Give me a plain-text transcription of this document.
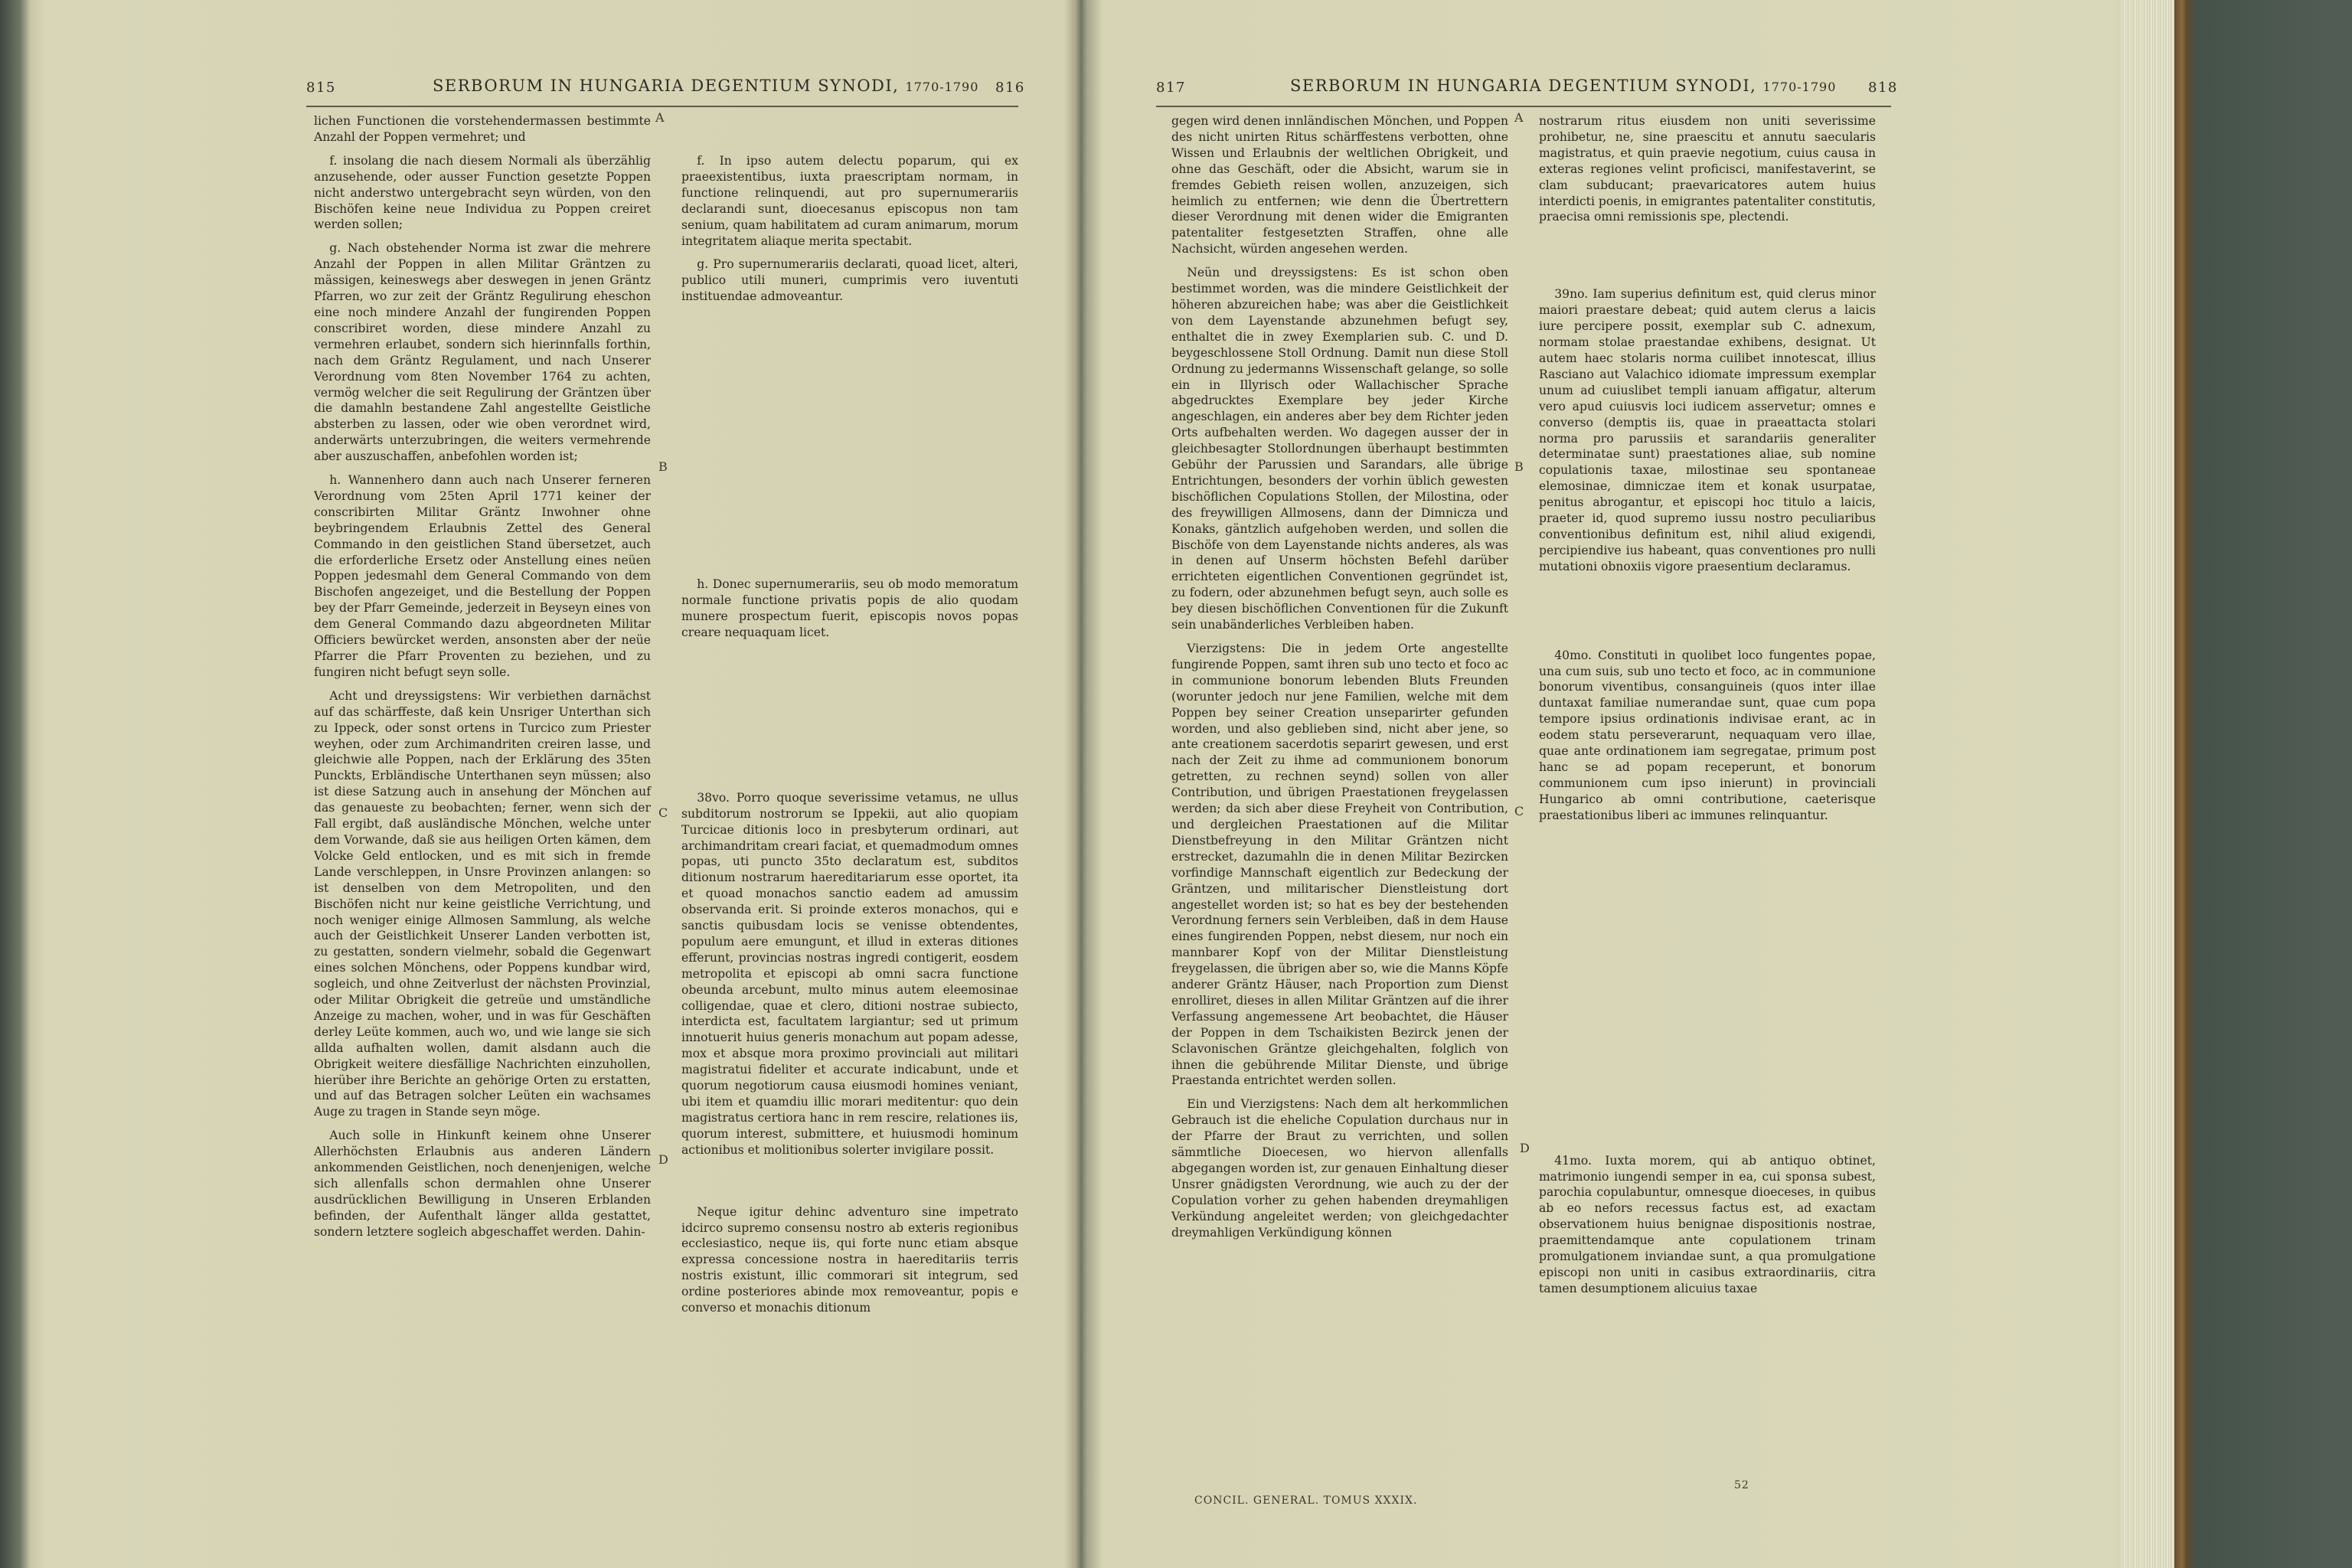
815	SERBORUM IN HUNGARIA DEGENTIUM SYNODI, 1770-1790 816

lichen Functionen die vorstehendermassen bestimmte Anzahl der Poppen vermehret; und

f. insolang die nach diesem Normali als überzählig anzusehende, oder ausser Function gesetzte Poppen nicht anderstwo untergebracht seyn würden, von den Bischöfen keine neue Individua zu Poppen creiret werden sollen;

g. Nach obstehender Norma ist zwar die mehrere Anzahl der Poppen in allen Militar Gräntzen zu mässigen, keineswegs aber deswegen in jenen Gräntz Pfarren, wo zur zeit der Gräntz Regulirung eheschon eine noch mindere Anzahl der fungirenden Poppen conscribiret worden, diese mindere Anzahl zu vermehren erlaubet, sondern sich hierinnfalls forthin, nach dem Gräntz Regulament, und nach Unserer Verordnung vom 8ten November 1764 zu achten, vermög welcher die seit Regulirung der Gräntzen über die damahln bestandene Zahl angestellte Geistliche absterben zu lassen, oder wie oben verordnet wird, anderwärts unterzubringen, die weiters vermehrende aber auszuschaffen, anbefohlen worden ist;

h. Wannenhero dann auch nach Unserer ferneren Verordnung vom 25ten April 1771 keiner der conscribirten Militar Gräntz Inwohner ohne beybringendem Erlaubnis Zettel des General Commando in den geistlichen Stand übersetzet, auch die erforderliche Ersetz oder Anstellung eines neüen Poppen jedesmahl dem General Commando von dem Bischofen angezeiget, und die Bestellung der Poppen bey der Pfarr Gemeinde, jederzeit in Beyseyn eines von dem General Commando dazu abgeordneten Militar Officiers bewürcket werden, ansonsten aber der neüe Pfarrer die Pfarr Proventen zu beziehen, und zu fungiren nicht befugt seyn solle.

Acht und dreyssigstens: Wir verbiethen darnächst auf das schärffeste, daß kein Unsriger Unterthan sich zu Ippeck, oder sonst ortens in Turcico zum Priester weyhen, oder zum Archimandriten creiren lasse, und gleichwie alle Poppen, nach der Erklärung des 35ten Punckts, Erbländische Unterthanen seyn müssen; also ist diese Satzung auch in ansehung der Mönchen auf das genaueste zu beobachten; ferner, wenn sich der Fall ergibt, daß ausländische Mönchen, welche unter dem Vorwande, daß sie aus heiligen Orten kämen, dem Volcke Geld entlocken, und es mit sich in fremde Lande verschleppen, in Unsre Provinzen anlangen: so ist denselben von dem Metropoliten, und den Bischöfen nicht nur keine geistliche Verrichtung, und noch weniger einige Allmosen Sammlung, als welche auch der Geistlichkeit Unserer Landen verbotten ist, zu gestatten, sondern vielmehr, sobald die Gegenwart eines solchen Mönchens, oder Poppens kundbar wird, sogleich, und ohne Zeitverlust der nächsten Provinzial, oder Militar Obrigkeit die getreüe und umständliche Anzeige zu machen, woher, und in was für Geschäften derley Leüte kommen, auch wo, und wie lange sie sich allda aufhalten wollen, damit alsdann auch die Obrigkeit weitere diesfällige Nachrichten einzuhollen, hierüber ihre Berichte an gehörige Orten zu erstatten, und auf das Betragen solcher Leüten ein wachsames Auge zu tragen in Stande seyn möge.

Auch solle in Hinkunft keinem ohne Unserer Allerhöchsten Erlaubnis aus anderen Ländern ankommenden Geistlichen, noch denenjenigen, welche sich allenfalls schon dermahlen ohne Unserer ausdrücklichen Bewilligung in Unseren Erblanden befinden, der Aufenthalt länger allda gestattet, sondern letztere sogleich abgeschaffet werden. Dahin-

f. In ipso autem delectu poparum, qui ex praeexistentibus, iuxta praescriptam normam, in functione relinquendi, aut pro supernumerariis declarandi sunt, dioecesanus episcopus non tam senium, quam habilitatem ad curam animarum, morum integritatem aliaque merita spectabit.

g. Pro supernumerariis declarati, quoad licet, alteri, publico utili muneri, cumprimis vero iuventuti instituendae admoveantur.

h. Donec supernumerariis, seu ob modo memoratum normale functione privatis popis de alio quodam munere prospectum fuerit, episcopis novos popas creare nequaquam licet.

38vo. Porro quoque severissime vetamus, ne ullus subditorum nostrorum se Ippekii, aut alio quopiam Turcicae ditionis loco in presbyterum ordinari, aut archimandritam creari faciat, et quemadmodum omnes popas, uti puncto 35to declaratum est, subditos ditionum nostrarum haereditariarum esse oportet, ita et quoad monachos sanctio eadem ad amussim observanda erit. Si proinde exteros monachos, qui e sanctis quibusdam locis se venisse obtendentes, populum aere emungunt, et illud in exteras ditiones efferunt, provincias nostras ingredi contigerit, eosdem metropolita et episcopi ab omni sacra functione obeunda arcebunt, multo minus autem eleemosinae colligendae, quae et clero, ditioni nostrae subiecto, interdicta est, facultatem largiantur; sed ut primum innotuerit huius generis monachum aut popam adesse, mox et absque mora proximo provinciali aut militari magistratui fideliter et accurate indicabunt, unde et quorum negotiorum causa eiusmodi homines veniant, ubi item et quamdiu illic morari meditentur: quo dein magistratus certiora hanc in rem rescire, relationes iis, quorum interest, submittere, et huiusmodi hominum actionibus et molitionibus solerter invigilare possit.

Neque igitur dehinc adventuro sine impetrato idcirco supremo consensu nostro ab exteris regionibus ecclesiastico, neque iis, qui forte nunc etiam absque expressa concessione nostra in haereditariis terris nostris existunt, illic commorari sit integrum, sed ordine posteriores abinde mox removeantur, popis e converso et monachis ditionum

A
B
C
D
817	SERBORUM IN HUNGARIA DEGENTIUM SYNODI, 1770-1790 818

gegen wird denen innländischen Mönchen, und Poppen des nicht unirten Ritus schärffestens verbotten, ohne Wissen und Erlaubnis der weltlichen Obrigkeit, und ohne das Geschäft, oder die Absicht, warum sie in fremdes Gebieth reisen wollen, anzuzeigen, sich heimlich zu entfernen; wie denn die Übertrettern dieser Verordnung mit denen wider die Emigranten patentaliter festgesetzten Straffen, ohne alle Nachsicht, würden angesehen werden.

Neün und dreyssigstens: Es ist schon oben bestimmet worden, was die mindere Geistlichkeit der höheren abzureichen habe; was aber die Geistlichkeit von dem Layenstande abzunehmen befugt sey, enthaltet die in zwey Exemplarien sub. C. und D. beygeschlossene Stoll Ordnung. Damit nun diese Stoll Ordnung zu jedermanns Wissenschaft gelange, so solle ein in Illyrisch oder Wallachischer Sprache abgedrucktes Exemplare bey jeder Kirche angeschlagen, ein anderes aber bey dem Richter jeden Orts aufbehalten werden. Wo dagegen ausser der in gleichbesagter Stollordnungen überhaupt bestimmten Gebühr der Parussien und Sarandars, alle übrige Entrichtungen, besonders der vorhin üblich gewesten bischöflichen Copulations Stollen, der Milostina, oder des freywilligen Allmosens, dann der Dimnicza und Konaks, gäntzlich aufgehoben werden, und sollen die Bischöfe von dem Layenstande nichts anderes, als was in denen auf Unserm höchsten Befehl darüber errichteten eigentlichen Conventionen gegründet ist, zu fodern, oder abzunehmen befugt seyn, auch solle es bey diesen bischöflichen Conventionen für die Zukunft sein unabänderliches Verbleiben haben.

Vierzigstens: Die in jedem Orte angestellte fungirende Poppen, samt ihren sub uno tecto et foco ac in communione bonorum lebenden Bluts Freunden (worunter jedoch nur jene Familien, welche mit dem Poppen bey seiner Creation unseparirter gefunden worden, und also geblieben sind, nicht aber jene, so ante creationem sacerdotis separirt gewesen, und erst nach der Zeit zu ihme ad communionem bonorum getretten, zu rechnen seynd) sollen von aller Contribution, und übrigen Praestationen freygelassen werden; da sich aber diese Freyheit von Contribution, und dergleichen Praestationen auf die Militar Dienstbefreyung in den Militar Gräntzen nicht erstrecket, dazumahln die in denen Militar Bezircken vorfindige Mannschaft eigentlich zur Bedeckung der Gräntzen, und militarischer Dienstleistung dort angestellet worden ist; so hat es bey der bestehenden Verordnung ferners sein Verbleiben, daß in dem Hause eines fungirenden Poppen, nebst diesem, nur noch ein mannbarer Kopf von der Militar Dienstleistung freygelassen, die übrigen aber so, wie die Manns Köpfe anderer Gräntz Häuser, nach Proportion zum Dienst enrolliret, dieses in allen Militar Gräntzen auf die ihrer Verfassung angemessene Art beobachtet, die Häuser der Poppen in dem Tschaikisten Bezirck jenen der Sclavonischen Gräntze gleichgehalten, folglich von ihnen die gebührende Militar Dienste, und übrige Praestanda entrichtet werden sollen.

Ein und Vierzigstens: Nach dem alt herkommlichen Gebrauch ist die eheliche Copulation durchaus nur in der Pfarre der Braut zu verrichten, und sollen sämmtliche Dioecesen, wo hiervon allenfalls abgegangen worden ist, zur genauen Einhaltung dieser Unsrer gnädigsten Verordnung, wie auch zu der der Copulation vorher zu gehen habenden dreymahligen Verkündung angeleitet werden; von gleichgedachter dreymahligen Verkündigung können

nostrarum ritus eiusdem non uniti severissime prohibetur, ne, sine praescitu et annutu saecularis magistratus, et quin praevie negotium, cuius causa in exteras regiones velint proficisci, manifestaverint, se clam subducant; praevaricatores autem huius interdicti poenis, in emigrantes patentaliter constitutis, praecisa omni remissionis spe, plectendi.

39no. Iam superius definitum est, quid clerus minor maiori praestare debeat; quid autem clerus a laicis iure percipere possit, exemplar sub C. adnexum, normam stolae praestandae exhibens, designat. Ut autem haec stolaris norma cuilibet innotescat, illius Rasciano aut Valachico idiomate impressum exemplar unum ad cuiuslibet templi ianuam affigatur, alterum vero apud cuiusvis loci iudicem asservetur; omnes e converso (demptis iis, quae in praeattacta stolari norma pro parussiis et sarandariis generaliter determinatae sunt) praestationes aliae, sub nomine copulationis taxae, milostinae seu spontaneae elemosinae, dimniczae item et konak usurpatae, penitus abrogantur, et episcopi hoc titulo a laicis, praeter id, quod supremo iussu nostro peculiaribus conventionibus definitum est, nihil aliud exigendi, percipiendive ius habeant, quas conventiones pro nulli mutationi obnoxiis vigore praesentium declaramus.

40mo. Constituti in quolibet loco fungentes popae, una cum suis, sub uno tecto et foco, ac in communione bonorum viventibus, consanguineis (quos inter illae duntaxat familiae numerandae sunt, quae cum popa tempore ipsius ordinationis indivisae erant, ac in eodem statu perseverarunt, nequaquam vero illae, quae ante ordinationem iam segregatae, primum post hanc se ad popam receperunt, et bonorum communionem cum ipso inierunt) in provinciali Hungarico ab omni contributione, caeterisque praestationibus liberi ac immunes relinquantur.

41mo. Iuxta morem, qui ab antiquo obtinet, matrimonio iungendi semper in ea, cui sponsa subest, parochia copulabuntur, omnesque dioeceses, in quibus ab eo nefors recessus factus est, ad exactam observationem huius benignae dispositionis nostrae, praemittendamque ante copulationem trinam promulgationem inviandae sunt, a qua promulgatione episcopi non uniti in casibus extraordinariis, citra tamen desumptionem alicuius taxae

A
B
C
D
CONCIL. GENERAL. TOMUS XXXIX.
52
